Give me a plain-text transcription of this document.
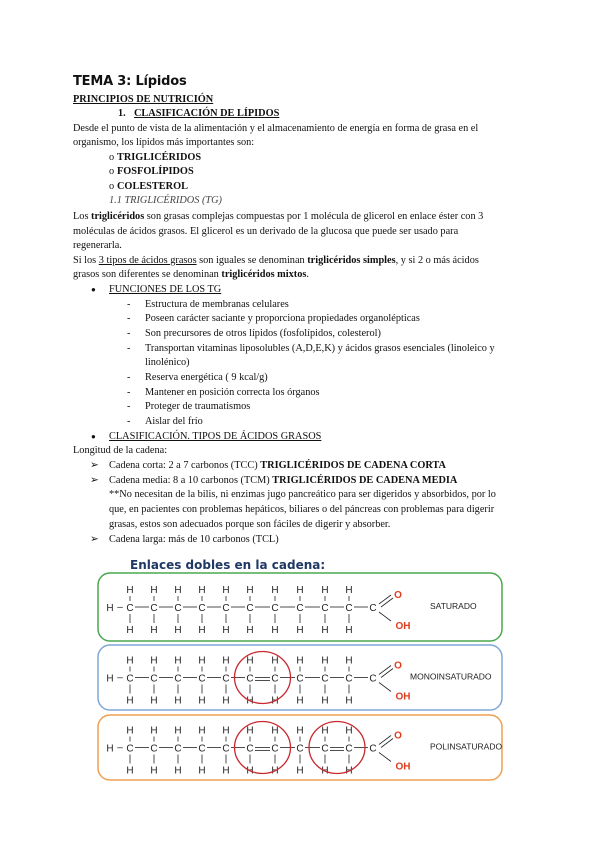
TEMA 3: Lípidos
PRINCIPIOS DE NUTRICIÓN
1. CLASIFICACIÓN DE LÍPIDOS
Desde el punto de vista de la alimentación y el almacenamiento de energía en forma de grasa en el
organismo, los lípidos más importantes son:
o TRIGLICÉRIDOS
o FOSFOLÍPIDOS
o COLESTEROL
1.1 TRIGLICÉRIDOS (TG)
Los triglicéridos son grasas complejas compuestas por 1 molécula de glicerol en enlace éster con 3
moléculas de ácidos grasos. El glicerol es un derivado de la glucosa que puede ser usado para
regenerarla.
Si los 3 tipos de ácidos grasos son iguales se denominan triglicéridos simples, y si 2 o más ácidos
grasos son diferentes se denominan triglicéridos mixtos.
● FUNCIONES DE LOS TG
- Estructura de membranas celulares
- Poseen carácter saciante y proporciona propiedades organolépticas
- Son precursores de otros lípidos (fosfolípidos, colesterol)
- Transportan vitaminas liposolubles (A,D,E,K) y ácidos grasos esenciales (linoleico y
linolénico)
- Reserva energética ( 9 kcal/g)
- Mantener en posición correcta los órganos
- Proteger de traumatismos
- Aislar del frío
● CLASIFICACIÓN. TIPOS DE ÁCIDOS GRASOS
Longitud de la cadena:
➢ Cadena corta: 2 a 7 carbonos (TCC) TRIGLICÉRIDOS DE CADENA CORTA
➢ Cadena media: 8 a 10 carbonos (TCM) TRIGLICÉRIDOS DE CADENA MEDIA
**No necesitan de la bilis, ni enzimas jugo pancreático para ser digeridos y absorbidos, por lo
que, en pacientes con problemas hepáticos, biliares o del páncreas con problemas para digerir
grasas, estos son adecuados porque son fáciles de digerir y absorber.
➢ Cadena larga: más de 10 carbonos (TCL)
Enlaces dobles en la cadena:
H – C
H
H
C
H
H
C
H
H
C
H
H
C
H
H
C
H
H
C
H
H
C
H
H
C
H
H
C
H
H
C
O
OH
SATURADO
H – C
H
H
C
H
H
C
H
H
C
H
H
C
H
H
C
H
H
C
H
H
C
H
H
C
H
H
C
H
H
C
O
OH
MONOINSATURADO
H – C
H
H
C
H
H
C
H
H
C
H
H
C
H
H
C
H
H
C
H
H
C
H
H
C
H
H
C
H
H
C
O
OH
POLINSATURADO
